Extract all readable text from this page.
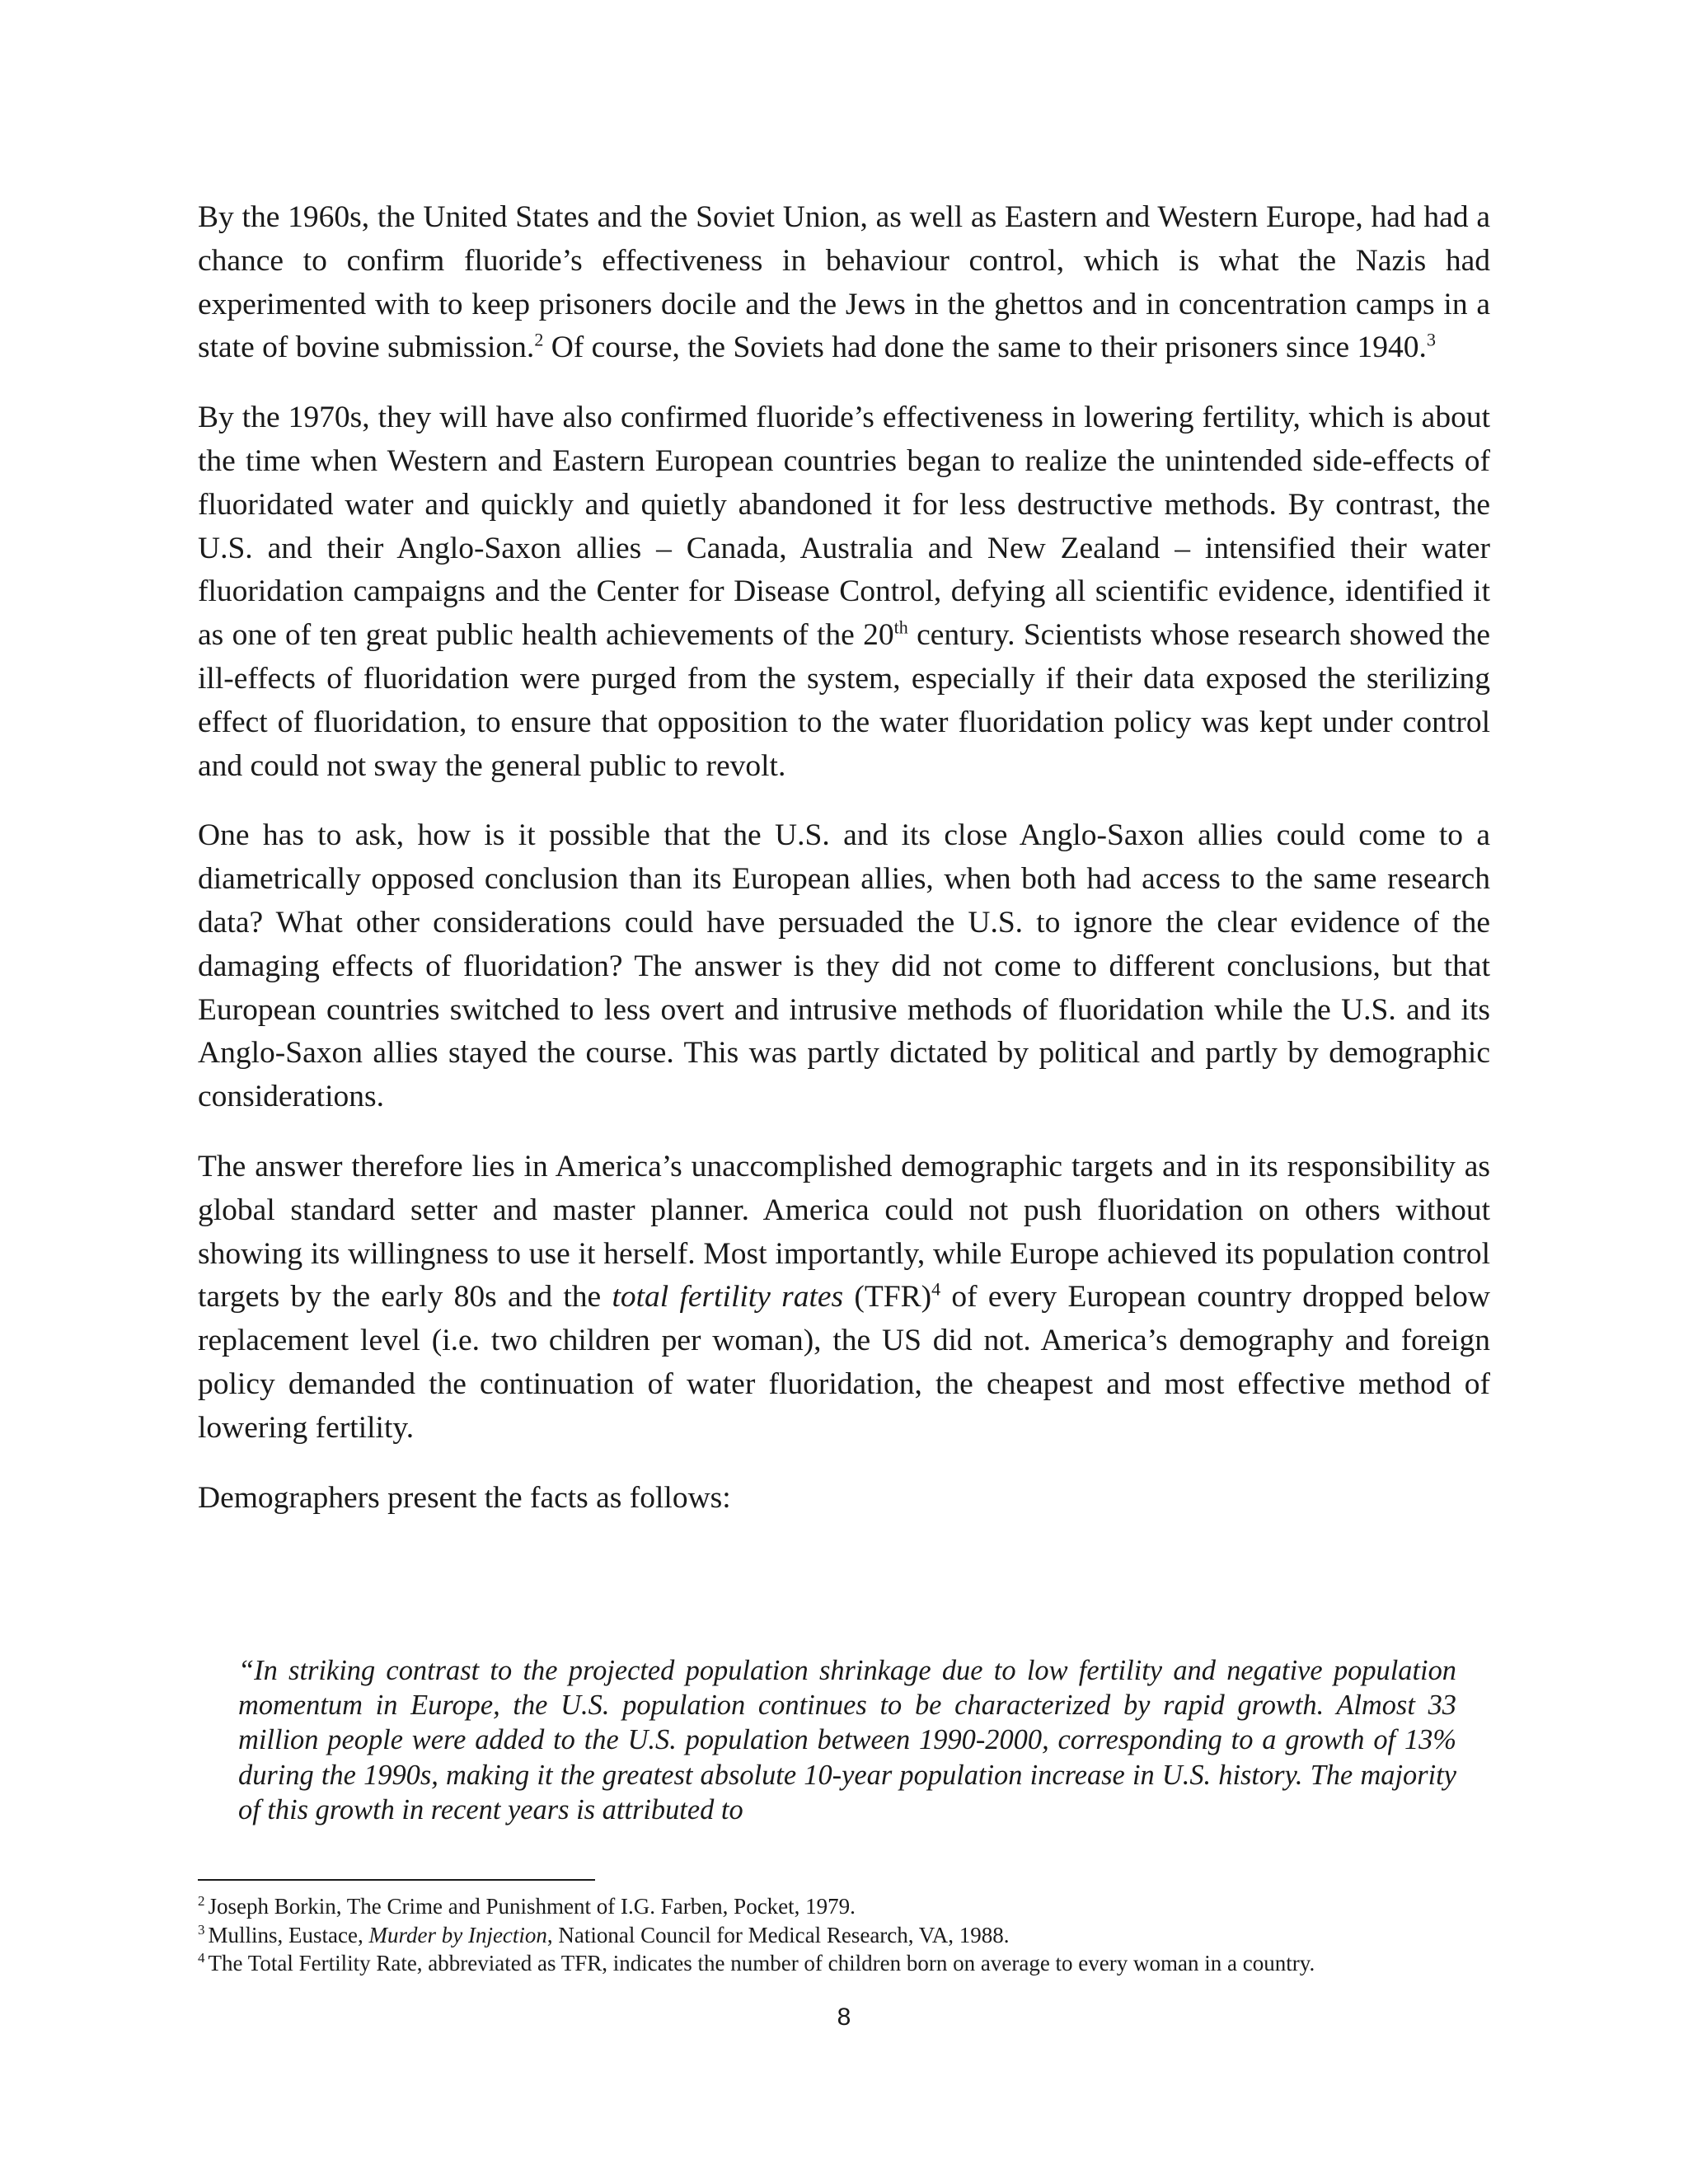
By the 1960s, the United States and the Soviet Union, as well as Eastern and Western Europe, had had a chance to confirm fluoride’s effectiveness in behaviour control, which is what the Nazis had experimented with to keep prisoners docile and the Jews in the ghettos and in concentration camps in a state of bovine submission.$^2$ Of course, the Soviets had done the same to their prisoners since 1940.$^3$

By the 1970s, they will have also confirmed fluoride’s effectiveness in lowering fertility, which is about the time when Western and Eastern European countries began to realize the unintended side-effects of fluoridated water and quickly and quietly abandoned it for less destructive methods. By contrast, the U.S. and their Anglo-Saxon allies – Canada, Australia and New Zealand – intensified their water fluoridation campaigns and the Center for Disease Control, defying all scientific evidence, identified it as one of ten great public health achievements of the 20th century. Scientists whose research showed the ill-effects of fluoridation were purged from the system, especially if their data exposed the sterilizing effect of fluoridation, to ensure that opposition to the water fluoridation policy was kept under control and could not sway the general public to revolt.

One has to ask, how is it possible that the U.S. and its close Anglo-Saxon allies could come to a diametrically opposed conclusion than its European allies, when both had access to the same research data? What other considerations could have persuaded the U.S. to ignore the clear evidence of the damaging effects of fluoridation? The answer is they did not come to different conclusions, but that European countries switched to less overt and intrusive methods of fluoridation while the U.S. and its Anglo-Saxon allies stayed the course. This was partly dictated by political and partly by demographic considerations.

The answer therefore lies in America’s unaccomplished demographic targets and in its responsibility as global standard setter and master planner. America could not push fluoridation on others without showing its willingness to use it herself. Most importantly, while Europe achieved its population control targets by the early 80s and the total fertility rates (TFR)$^4$ of every European country dropped below replacement level (i.e. two children per woman), the US did not. America’s demography and foreign policy demanded the continuation of water fluoridation, the cheapest and most effective method of lowering fertility.

Demographers present the facts as follows:

“In striking contrast to the projected population shrinkage due to low fertility and negative population momentum in Europe, the U.S. population continues to be characterized by rapid growth. Almost 33 million people were added to the U.S. population between 1990-2000, corresponding to a growth of 13% during the 1990s, making it the greatest absolute 10-year population increase in U.S. history. The majority of this growth in recent years is attributed to

$^2$ Joseph Borkin, The Crime and Punishment of I.G. Farben, Pocket, 1979.

$^3$ Mullins, Eustace, Murder by Injection, National Council for Medical Research, VA, 1988.

$^4$ The Total Fertility Rate, abbreviated as TFR, indicates the number of children born on average to every woman in a country.

8
